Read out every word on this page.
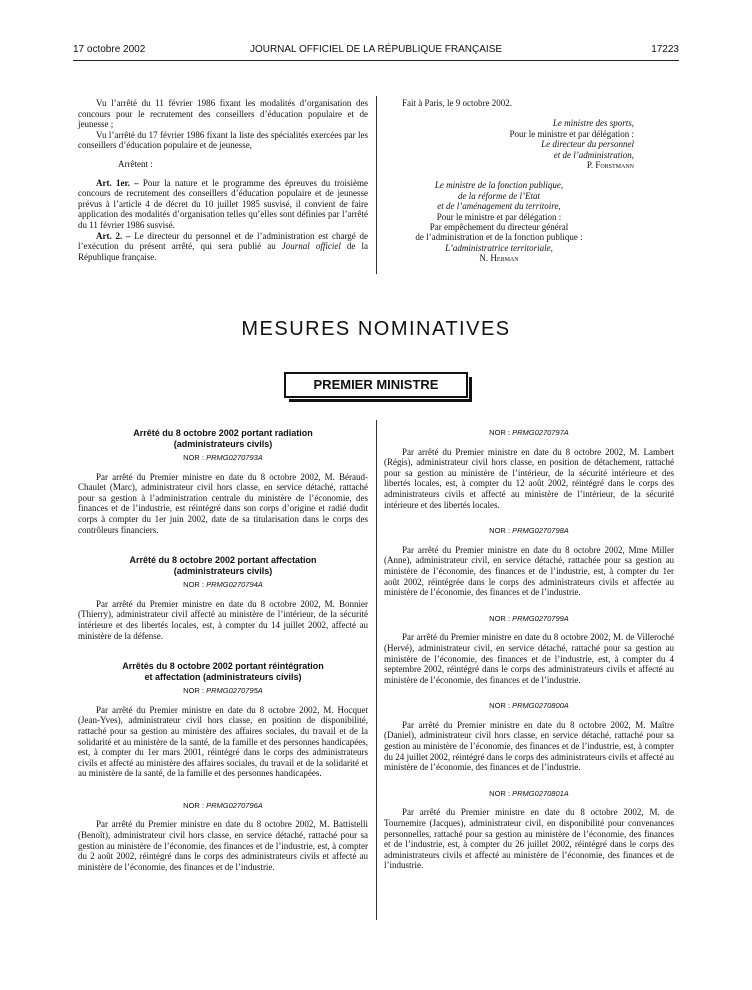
17 octobre 2002	JOURNAL OFFICIEL DE LA RÉPUBLIQUE FRANÇAISE	17223

Vu l’arrêté du 11 février 1986 fixant les modalités d’organisation des concours pour le recrutement des conseillers d’éducation populaire et de jeunesse ;

Vu l’arrêté du 17 février 1986 fixant la liste des spécialités exercées par les conseillers d’éducation populaire et de jeunesse,

Arrêtent :

Art. 1er. – Pour la nature et le programme des épreuves du troisième concours de recrutement des conseillers d’éducation populaire et de jeunesse prévus à l’article 4 de décret du 10 juillet 1985 susvisé, il convient de faire application des modalités d’organisation telles qu’elles sont définies par l’arrêté du 11 février 1986 susvisé.

Art. 2. – Le directeur du personnel et de l’administration est chargé de l’exécution du présent arrêté, qui sera publié au Journal officiel de la République française.

Fait à Paris, le 9 octobre 2002.

Le ministre des sports,
Pour le ministre et par délégation :
Le directeur du personnel
et de l’administration,
P. Forstmann
Le ministre de la fonction publique,
de la réforme de l’Etat
et de l’aménagement du territoire,
Pour le ministre et par délégation :
Par empêchement du directeur général
de l’administration et de la fonction publique :
L’administratrice territoriale,
N. Herman
MESURES NOMINATIVES
PREMIER MINISTRE
Arrêté du 8 octobre 2002 portant radiation
(administrateurs civils)
NOR : PRMG0270793A

Par arrêté du Premier ministre en date du 8 octobre 2002, M. Béraud-Chaulet (Marc), administrateur civil hors classe, en service détaché, rattaché pour sa gestion à l’administration centrale du ministère de l’économie, des finances et de l’industrie, est réintégré dans son corps d’origine et radié dudit corps à compter du 1er juin 2002, date de sa titularisation dans le corps des contrôleurs financiers.

Arrêté du 8 octobre 2002 portant affectation
(administrateurs civils)
NOR : PRMG0270794A

Par arrêté du Premier ministre en date du 8 octobre 2002, M. Bonnier (Thierry), administrateur civil affecté au ministère de l’intérieur, de la sécurité intérieure et des libertés locales, est, à compter du 14 juillet 2002, affecté au ministère de la défense.

Arrêtés du 8 octobre 2002 portant réintégration
et affectation (administrateurs civils)
NOR : PRMG0270795A

Par arrêté du Premier ministre en date du 8 octobre 2002, M. Hocquet (Jean-Yves), administrateur civil hors classe, en position de disponibilité, rattaché pour sa gestion au ministère des affaires sociales, du travail et de la solidarité et au ministère de la santé, de la famille et des personnes handicapées, est, à compter du 1er mars 2001, réintégré dans le corps des administrateurs civils et affecté au ministère des affaires sociales, du travail et de la solidarité et au ministère de la santé, de la famille et des personnes handicapées.

NOR : PRMG0270796A

Par arrêté du Premier ministre en date du 8 octobre 2002, M. Battistelli (Benoît), administrateur civil hors classe, en service détaché, rattaché pour sa gestion au ministère de l’économie, des finances et de l’industrie, est, à compter du 2 août 2002, réintégré dans le corps des administrateurs civils et affecté au ministère de l’économie, des finances et de l’industrie.

NOR : PRMG0270797A

Par arrêté du Premier ministre en date du 8 octobre 2002, M. Lambert (Régis), administrateur civil hors classe, en position de détachement, rattaché pour sa gestion au ministère de l’intérieur, de la sécurité intérieure et des libertés locales, est, à compter du 12 août 2002, réintégré dans le corps des administrateurs civils et affecté au ministère de l’intérieur, de la sécurité intérieure et des libertés locales.

NOR : PRMG0270798A

Par arrêté du Premier ministre en date du 8 octobre 2002, Mme Miller (Anne), administrateur civil, en service détaché, rattachée pour sa gestion au ministère de l’économie, des finances et de l’industrie, est, à compter du 1er août 2002, réintégrée dans le corps des administrateurs civils et affectée au ministère de l’économie, des finances et de l’industrie.

NOR : PRMG0270799A

Par arrêté du Premier ministre en date du 8 octobre 2002, M. de Villeroché (Hervé), administrateur civil, en service détaché, rattaché pour sa gestion au ministère de l’économie, des finances et de l’industrie, est, à compter du 4 septembre 2002, réintégré dans le corps des administrateurs civils et affecté au ministère de l’économie, des finances et de l’industrie.

NOR : PRMG0270800A

Par arrêté du Premier ministre en date du 8 octobre 2002, M. Maître (Daniel), administrateur civil hors classe, en service détaché, rattaché pour sa gestion au ministère de l’économie, des finances et de l’industrie, est, à compter du 24 juillet 2002, réintégré dans le corps des administrateurs civils et affecté au ministère de l’économie, des finances et de l’industrie.

NOR : PRMG0270801A

Par arrêté du Premier ministre en date du 8 octobre 2002, M. de Tournemire (Jacques), administrateur civil, en disponibilité pour convenances personnelles, rattaché pour sa gestion au ministère de l’économie, des finances et de l’industrie, est, à compter du 26 juillet 2002, réintégré dans le corps des administrateurs civils et affecté au ministère de l’économie, des finances et de l’industrie.
